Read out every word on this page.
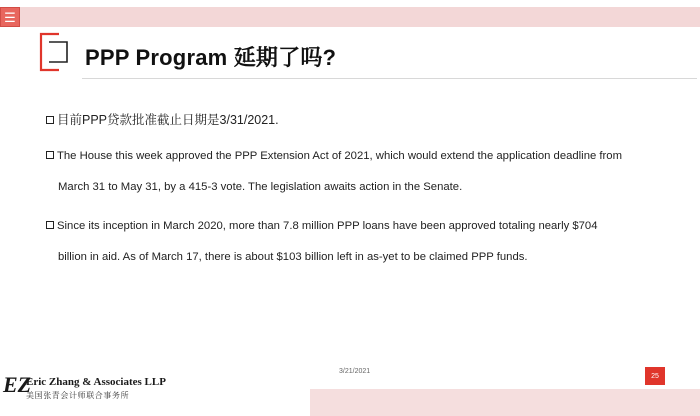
☰
PPP Program 延期了吗?
目前PPP贷款批准截止日期是3/31/2021.
The House this week approved the PPP Extension Act of 2021, which would extend the application deadline from
March 31 to May 31, by a 415-3 vote. The legislation awaits action in the Senate.
Since its inception in March 2020, more than 7.8 million PPP loans have been approved totaling nearly $704
billion in aid. As of March 17, there is about $103 billion left in as-yet to be claimed PPP funds.
3/21/2021
25
EZ
Eric Zhang & Associates LLP
美国张青会计师联合事务所
